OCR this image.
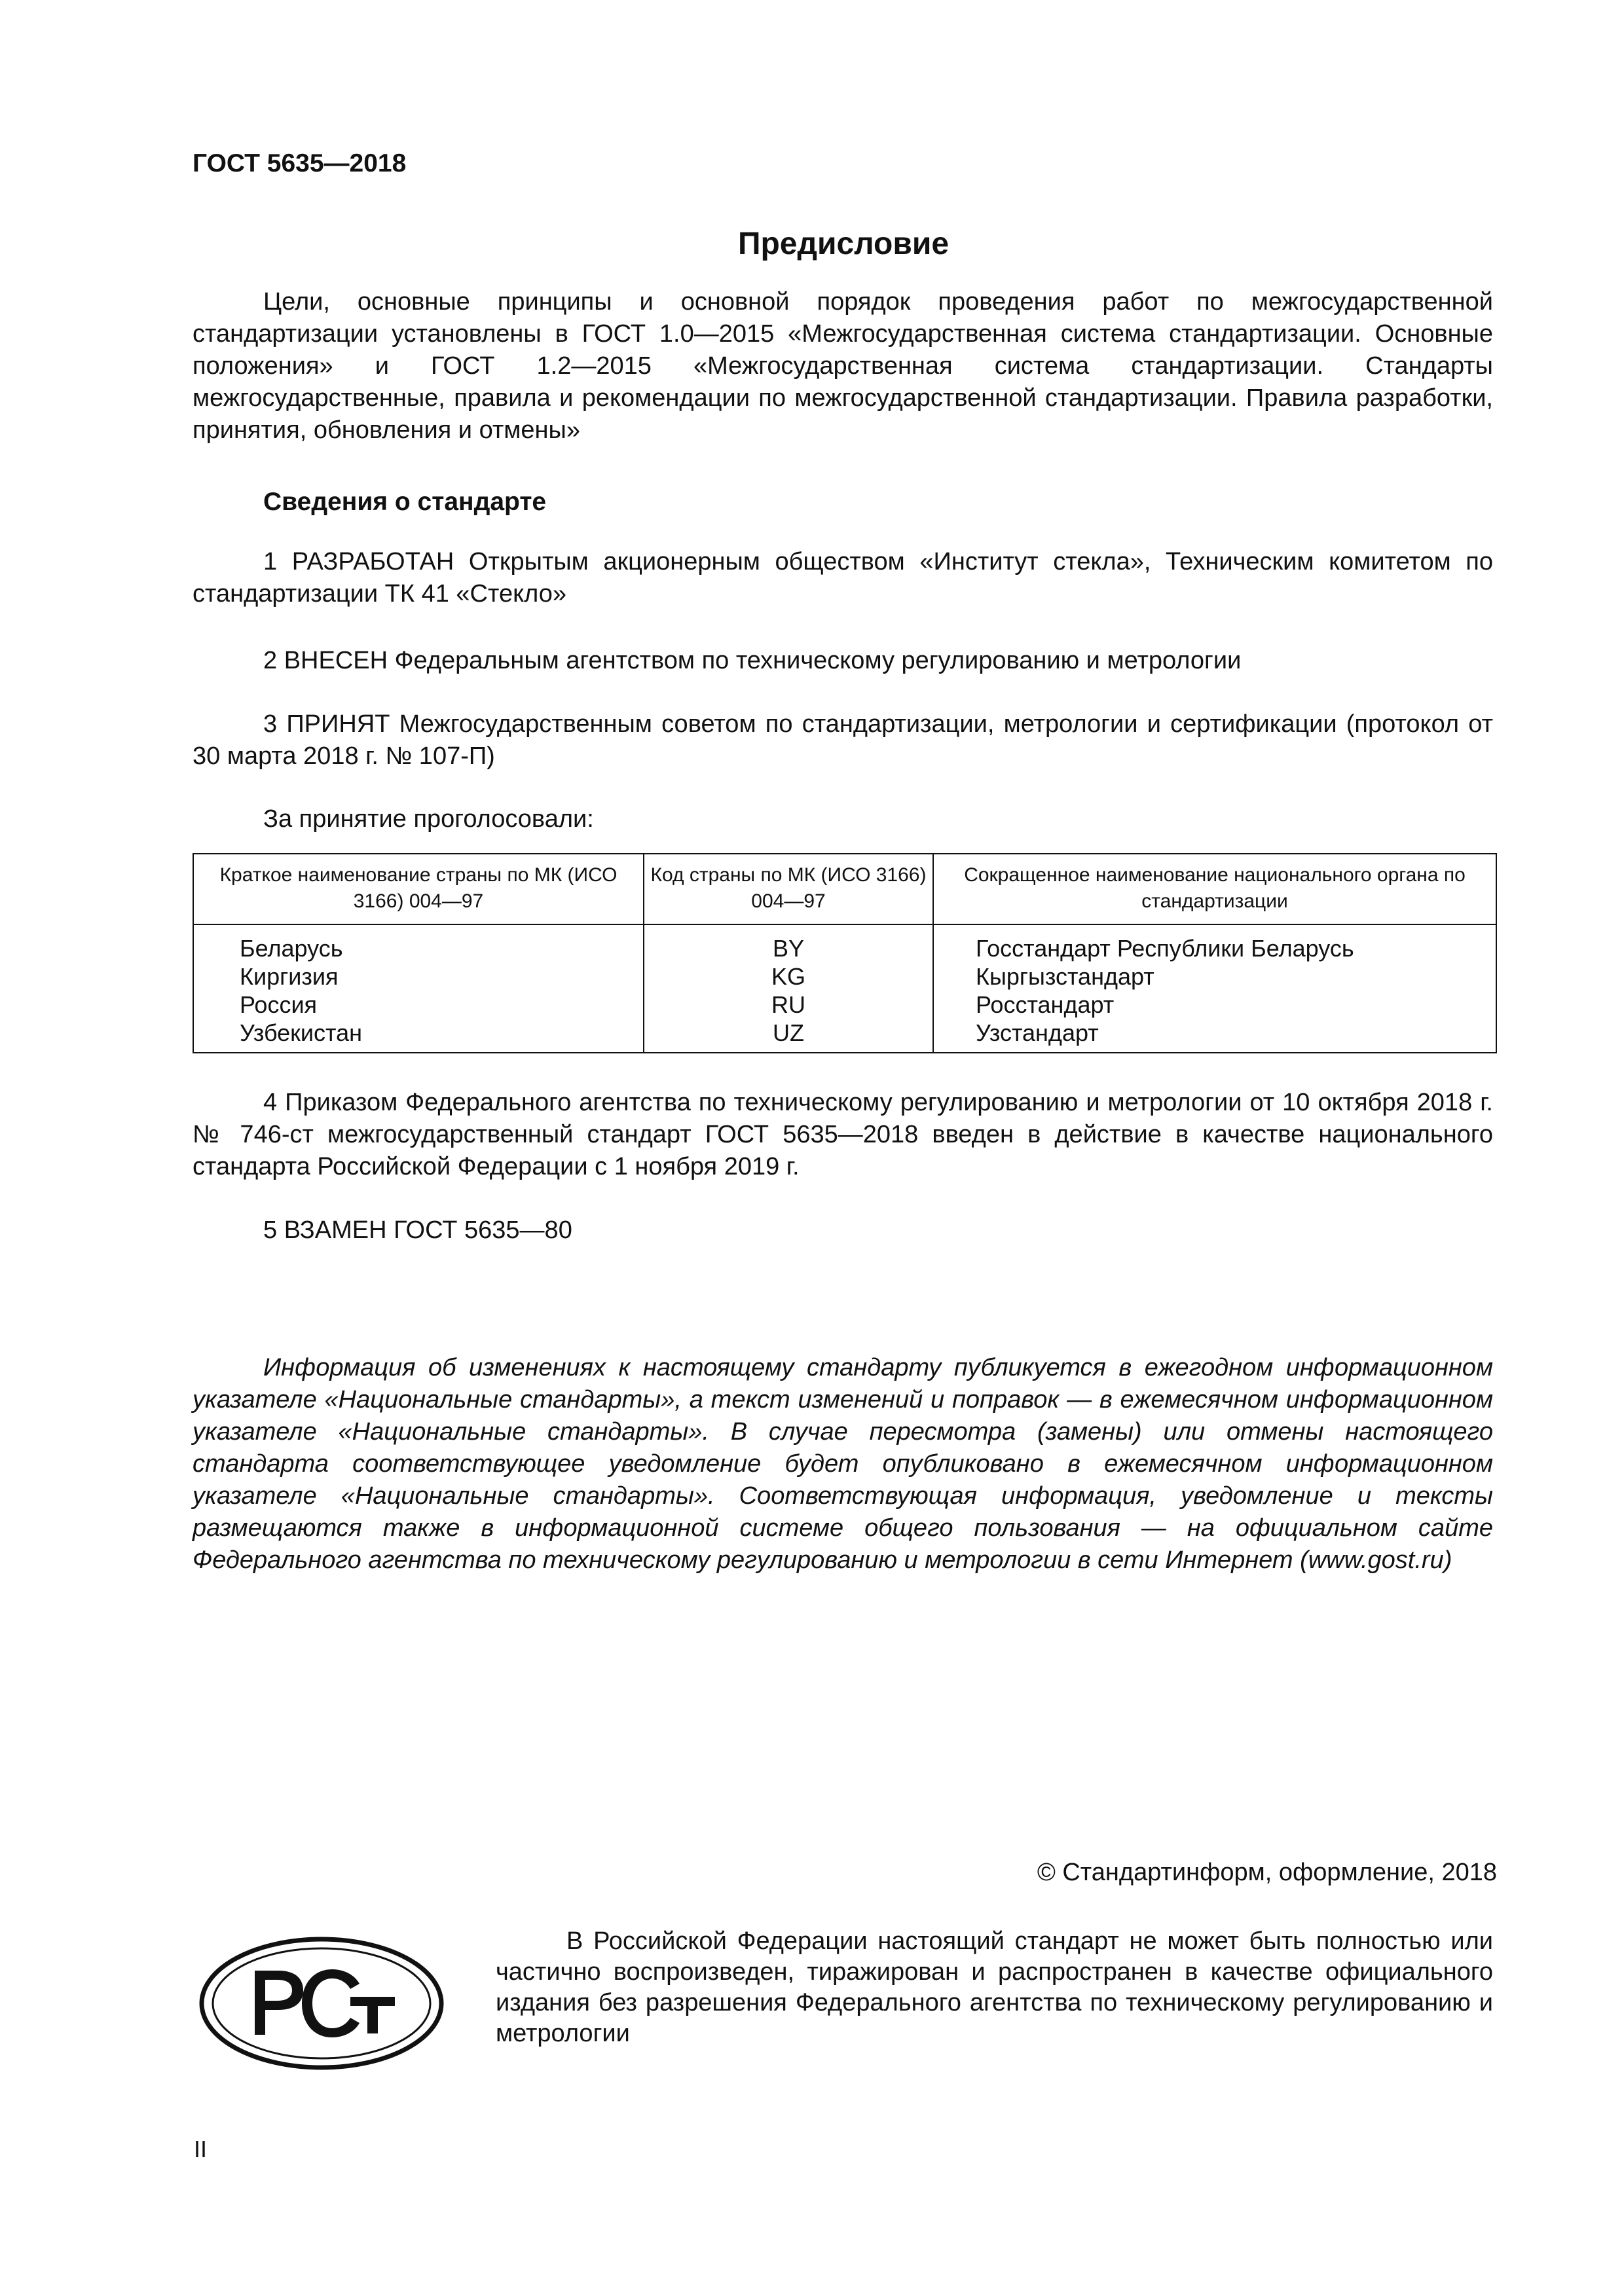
ГОСТ 5635—2018
Предисловие
Цели, основные принципы и основной порядок проведения работ по межгосударственной стандартизации установлены в ГОСТ 1.0—2015 «Межгосударственная система стандартизации. Основные положения» и ГОСТ 1.2—2015 «Межгосударственная система стандартизации. Стандарты межгосударственные, правила и рекомендации по межгосударственной стандартизации. Правила разработки, принятия, обновления и отмены»
Сведения о стандарте
1 РАЗРАБОТАН Открытым акционерным обществом «Институт стекла», Техническим комитетом по стандартизации ТК 41 «Стекло»
2 ВНЕСЕН Федеральным агентством по техническому регулированию и метрологии
3 ПРИНЯТ Межгосударственным советом по стандартизации, метрологии и сертификации (протокол от 30 марта 2018 г. № 107-П)
За принятие проголосовали:
Краткое наименование страны по МК (ИСО 3166) 004—97	Код страны по МК (ИСО 3166) 004—97	Сокращенное наименование национального органа по стандартизации
Беларусь	BY	Госстандарт Республики Беларусь
Киргизия	KG	Кыргызстандарт
Россия	RU	Росстандарт
Узбекистан	UZ	Узстандарт
4 Приказом Федерального агентства по техническому регулированию и метрологии от 10 октября 2018 г. № 746-ст межгосударственный стандарт ГОСТ 5635—2018 введен в действие в качестве национального стандарта Российской Федерации с 1 ноября 2019 г.
5 ВЗАМЕН ГОСТ 5635—80
Информация об изменениях к настоящему стандарту публикуется в ежегодном информационном указателе «Национальные стандарты», а текст изменений и поправок — в ежемесячном информационном указателе «Национальные стандарты». В случае пересмотра (замены) или отмены настоящего стандарта соответствующее уведомление будет опубликовано в ежемесячном информационном указателе «Национальные стандарты». Соответствующая информация, уведомление и тексты размещаются также в информационной системе общего пользования — на официальном сайте Федерального агентства по техническому регулированию и метрологии в сети Интернет (www.gost.ru)
© Стандартинформ, оформление, 2018
В Российской Федерации настоящий стандарт не может быть полностью или частично воспроизведен, тиражирован и распространен в качестве официального издания без разрешения Федерального агентства по техническому регулированию и метрологии
II
